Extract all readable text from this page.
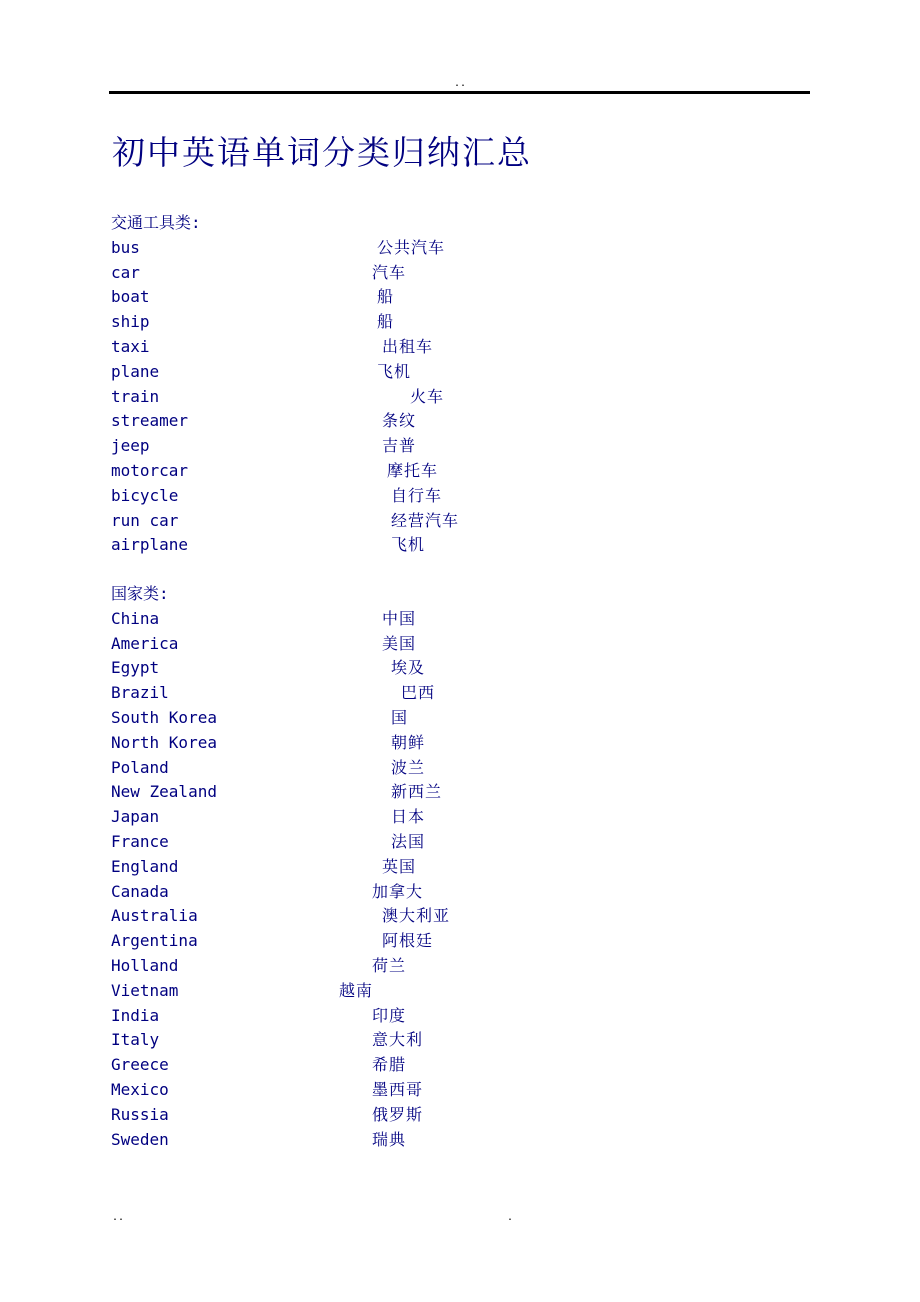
..
初中英语单词分类归纳汇总
交通工具类:
bus	公共汽车
car	汽车
boat	船
ship	船
taxi	出租车
plane	飞机
train	火车
streamer	条纹
jeep	吉普
motorcar	摩托车
bicycle	自行车
run car	经营汽车
airplane	飞机
国家类:
China	中国
America	美国
Egypt	埃及
Brazil	巴西
South Korea	国
North Korea	朝鲜
Poland	波兰
New Zealand	新西兰
Japan	日本
France	法国
England	英国
Canada	加拿大
Australia	澳大利亚
Argentina	阿根廷
Holland	荷兰
Vietnam	越南
India	印度
Italy	意大利
Greece	希腊
Mexico	墨西哥
Russia	俄罗斯
Sweden	瑞典
..	.
